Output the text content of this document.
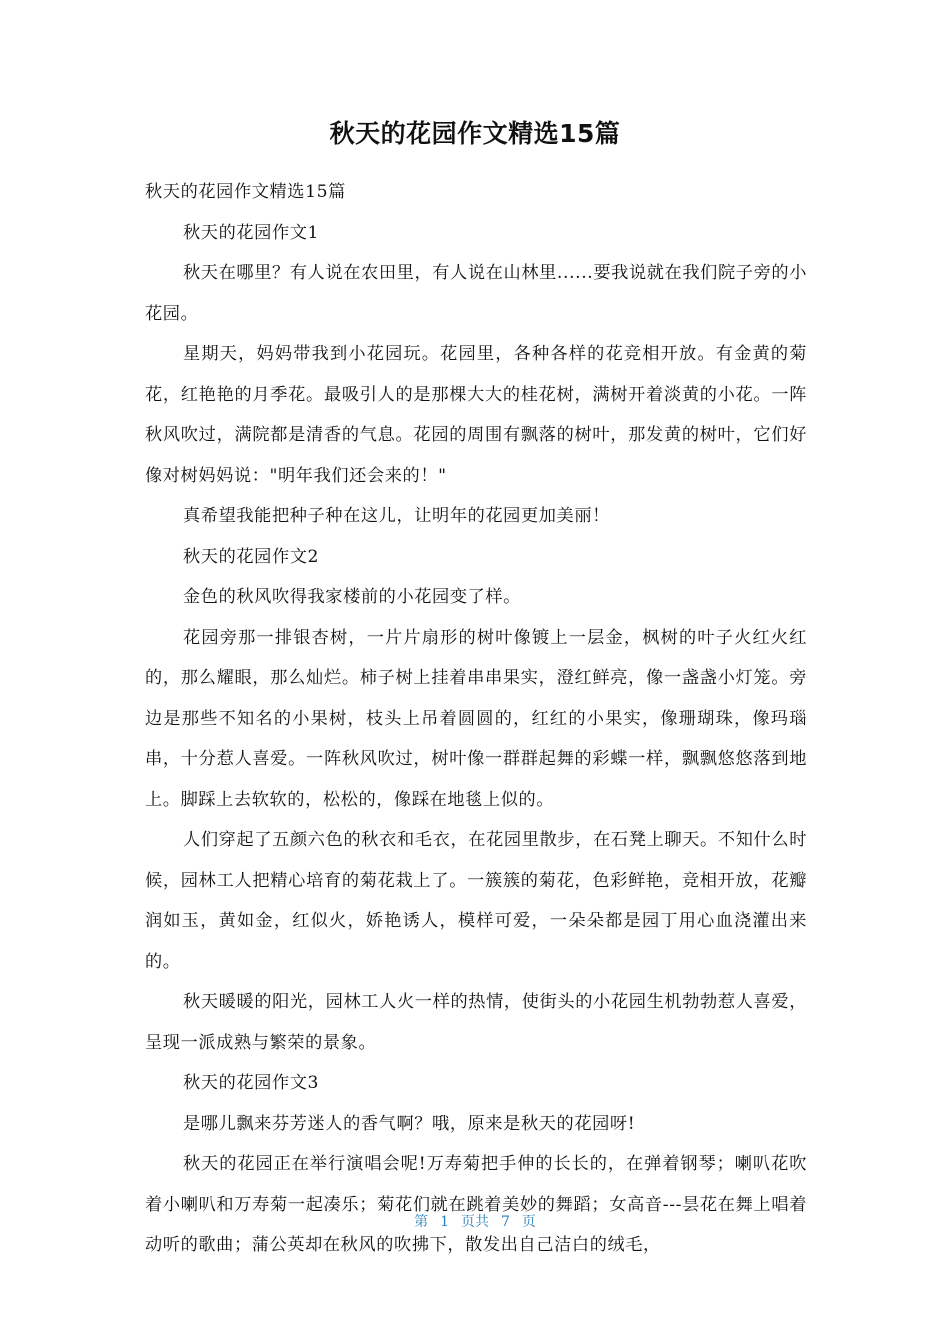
秋天的花园作文精选15篇

秋天的花园作文精选15篇

秋天的花园作文1

秋天在哪里？有人说在农田里，有人说在山林里......要我说就在我们院子旁的小花园。

星期天，妈妈带我到小花园玩。花园里，各种各样的花竞相开放。有金黄的菊花，红艳艳的月季花。最吸引人的是那棵大大的桂花树，满树开着淡黄的小花。一阵秋风吹过，满院都是清香的气息。花园的周围有飘落的树叶，那发黄的树叶，它们好像对树妈妈说："明年我们还会来的！"

真希望我能把种子种在这儿，让明年的花园更加美丽！

秋天的花园作文2

金色的秋风吹得我家楼前的小花园变了样。

花园旁那一排银杏树，一片片扇形的树叶像镀上一层金，枫树的叶子火红火红的，那么耀眼，那么灿烂。柿子树上挂着串串果实，澄红鲜亮，像一盏盏小灯笼。旁边是那些不知名的小果树，枝头上吊着圆圆的，红红的小果实，像珊瑚珠，像玛瑙串，十分惹人喜爱。一阵秋风吹过，树叶像一群群起舞的彩蝶一样，飘飘悠悠落到地上。脚踩上去软软的，松松的，像踩在地毯上似的。

人们穿起了五颜六色的秋衣和毛衣，在花园里散步，在石凳上聊天。不知什么时候，园林工人把精心培育的菊花栽上了。一簇簇的菊花，色彩鲜艳，竞相开放，花瓣润如玉，黄如金，红似火，娇艳诱人，模样可爱，一朵朵都是园丁用心血浇灌出来的。

秋天暖暖的阳光，园林工人火一样的热情，使街头的小花园生机勃勃惹人喜爱，呈现一派成熟与繁荣的景象。

秋天的花园作文3

是哪儿飘来芬芳迷人的香气啊？哦，原来是秋天的花园呀!

秋天的花园正在举行演唱会呢!万寿菊把手伸的长长的，在弹着钢琴；喇叭花吹着小喇叭和万寿菊一起凑乐；菊花们就在跳着美妙的舞蹈；女高音---昙花在舞上唱着动听的歌曲；蒲公英却在秋风的吹拂下，散发出自己洁白的绒毛，

第 1 页共 7 页
